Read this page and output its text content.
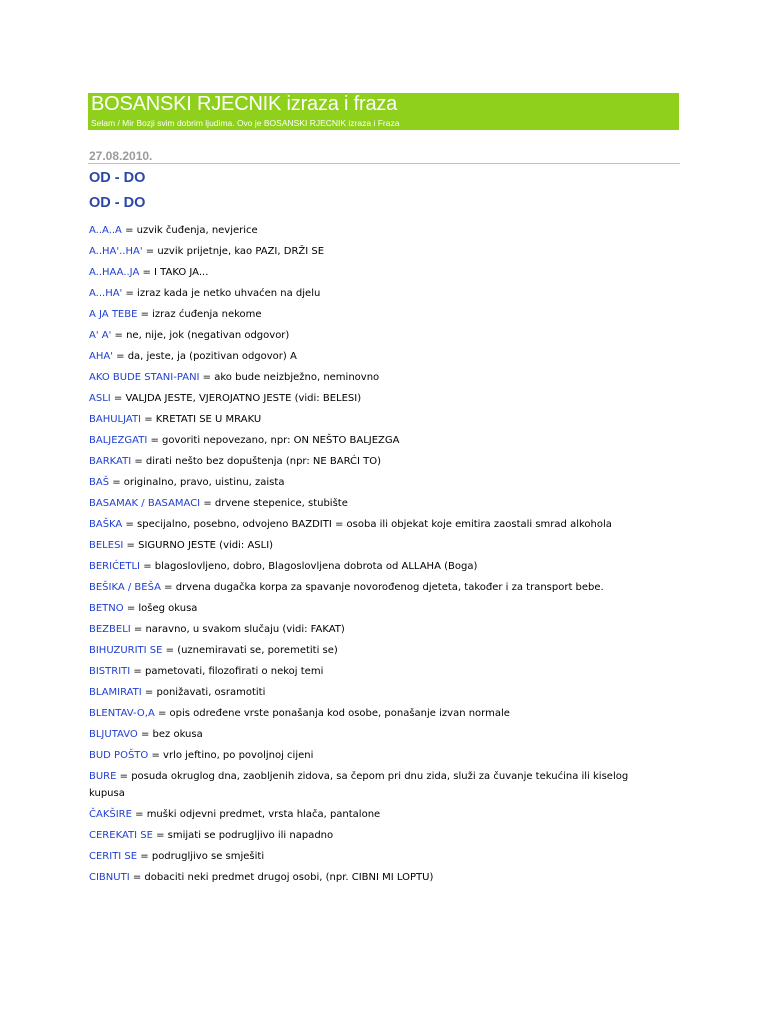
BOSANSKI RJECNIK izraza i fraza
Selam / Mir Bozji svim dobrim ljudima. Ovo je BOSANSKI RJECNIK izraza i Fraza
27.08.2010.
OD - DO
OD - DO
A..A..A = uzvik čuđenja, nevjerice
A..HA'..HA' = uzvik prijetnje, kao PAZI, DRŽI SE
A..HAA..JA = I TAKO JA...
A...HA' = izraz kada je netko uhvaćen na djelu
A JA TEBE = izraz ćuđenja nekome
A' A' = ne, nije, jok (negativan odgovor)
AHA' = da, jeste, ja (pozitivan odgovor) A
AKO BUDE STANI-PANI = ako bude neizbježno, neminovno
ASLI = VALJDA JESTE, VJEROJATNO JESTE (vidi: BELESI)
BAHULJATI = KRETATI SE U MRAKU
BALJEZGATI = govoriti nepovezano, npr: ON NEŠTO BALJEZGA
BARKATI = dirati nešto bez dopuštenja (npr: NE BARĆI TO)
BAŠ = originalno, pravo, uistinu, zaista
BASAMAK / BASAMACI = drvene stepenice, stubište
BAŠKA = specijalno, posebno, odvojeno BAZDITI = osoba ili objekat koje emitira zaostali smrad alkohola
BELESI = SIGURNO JESTE (vidi: ASLI)
BERIĆETLI = blagoslovljeno, dobro, Blagoslovljena dobrota od ALLAHA (Boga)
BEŠIKA / BEŠA = drvena dugačka korpa za spavanje novorođenog djeteta, također i za transport bebe.
BETNO = lošeg okusa
BEZBELI = naravno, u svakom slučaju (vidi: FAKAT)
BIHUZURITI SE = (uznemiravati se, poremetiti se)
BISTRITI = pametovati, filozofirati o nekoj temi
BLAMIRATI = ponižavati, osramotiti
BLENTAV-O,A = opis određene vrste ponašanja kod osobe, ponašanje izvan normale
BLJUTAVO = bez okusa
BUD POŠTO = vrlo jeftino, po povoljnoj cijeni
BURE = posuda okruglog dna, zaobljenih zidova, sa čepom pri dnu zida, služi za čuvanje tekućina ili kiselog kupusa
ČAKŠIRE = muški odjevni predmet, vrsta hlača, pantalone
CEREKATI SE = smijati se podrugljivo ili napadno
CERITI SE = podrugljivo se smješiti
CIBNUTI = dobaciti neki predmet drugoj osobi, (npr. CIBNI MI LOPTU)
